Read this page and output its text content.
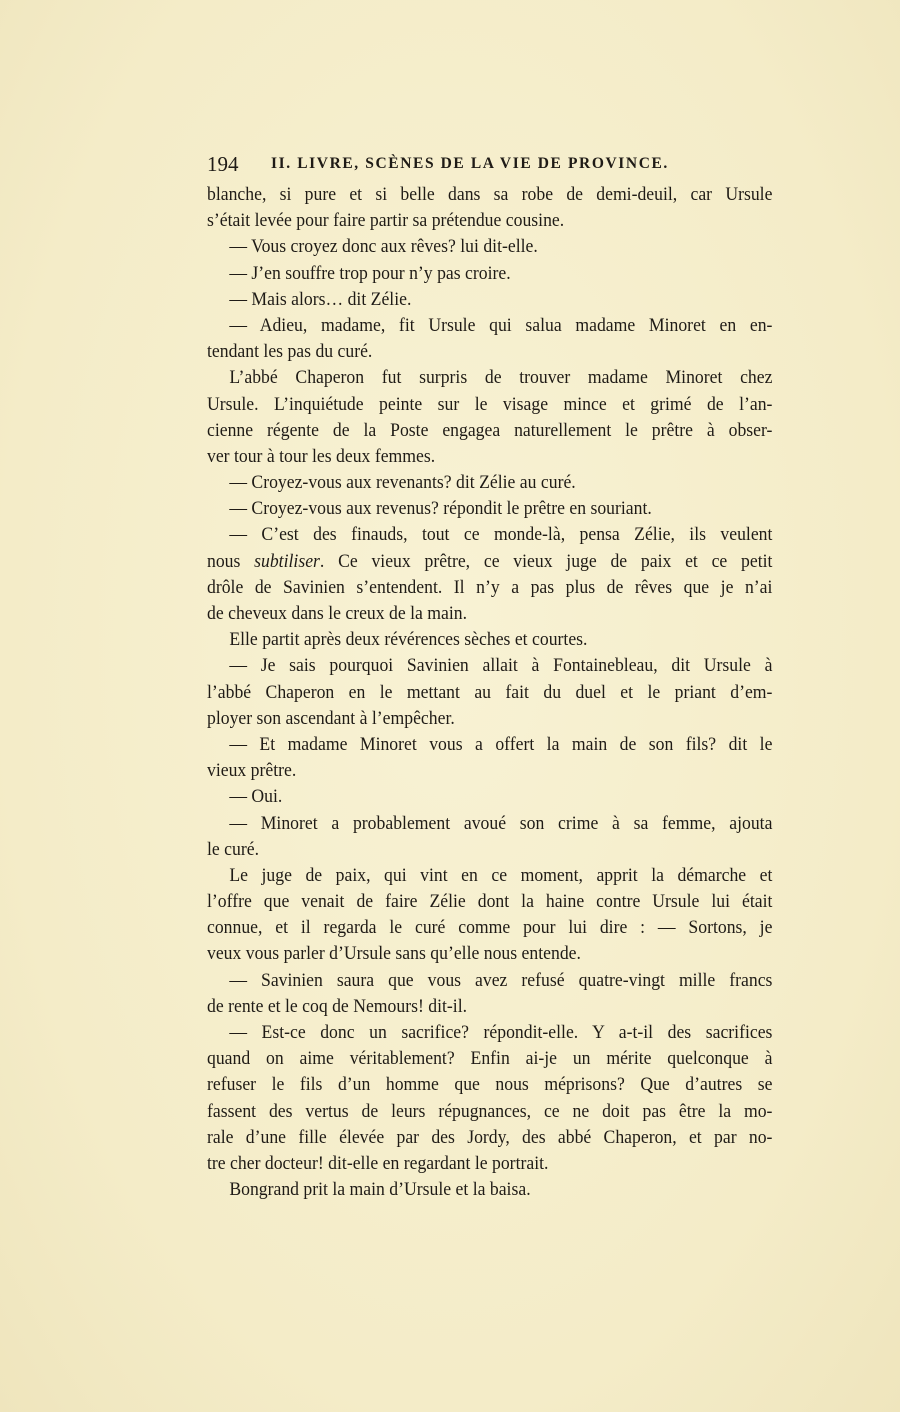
194 II. LIVRE, SCÈNES DE LA VIE DE PROVINCE.
blanche, si pure et si belle dans sa robe de demi-deuil, car Ursule
s’était levée pour faire partir sa prétendue cousine.
— Vous croyez donc aux rêves? lui dit-elle.
— J’en souffre trop pour n’y pas croire.
— Mais alors… dit Zélie.
— Adieu, madame, fit Ursule qui salua madame Minoret en en-
tendant les pas du curé.
L’abbé Chaperon fut surpris de trouver madame Minoret chez
Ursule. L’inquiétude peinte sur le visage mince et grimé de l’an-
cienne régente de la Poste engagea naturellement le prêtre à obser-
ver tour à tour les deux femmes.
— Croyez-vous aux revenants? dit Zélie au curé.
— Croyez-vous aux revenus? répondit le prêtre en souriant.
— C’est des finauds, tout ce monde-là, pensa Zélie, ils veulent
nous subtiliser. Ce vieux prêtre, ce vieux juge de paix et ce petit
drôle de Savinien s’entendent. Il n’y a pas plus de rêves que je n’ai
de cheveux dans le creux de la main.
Elle partit après deux révérences sèches et courtes.
— Je sais pourquoi Savinien allait à Fontainebleau, dit Ursule à
l’abbé Chaperon en le mettant au fait du duel et le priant d’em-
ployer son ascendant à l’empêcher.
— Et madame Minoret vous a offert la main de son fils? dit le
vieux prêtre.
— Oui.
— Minoret a probablement avoué son crime à sa femme, ajouta
le curé.
Le juge de paix, qui vint en ce moment, apprit la démarche et
l’offre que venait de faire Zélie dont la haine contre Ursule lui était
connue, et il regarda le curé comme pour lui dire : — Sortons, je
veux vous parler d’Ursule sans qu’elle nous entende.
— Savinien saura que vous avez refusé quatre-vingt mille francs
de rente et le coq de Nemours! dit-il.
— Est-ce donc un sacrifice? répondit-elle. Y a-t-il des sacrifices
quand on aime véritablement? Enfin ai-je un mérite quelconque à
refuser le fils d’un homme que nous méprisons? Que d’autres se
fassent des vertus de leurs répugnances, ce ne doit pas être la mo-
rale d’une fille élevée par des Jordy, des abbé Chaperon, et par no-
tre cher docteur! dit-elle en regardant le portrait.
Bongrand prit la main d’Ursule et la baisa.
